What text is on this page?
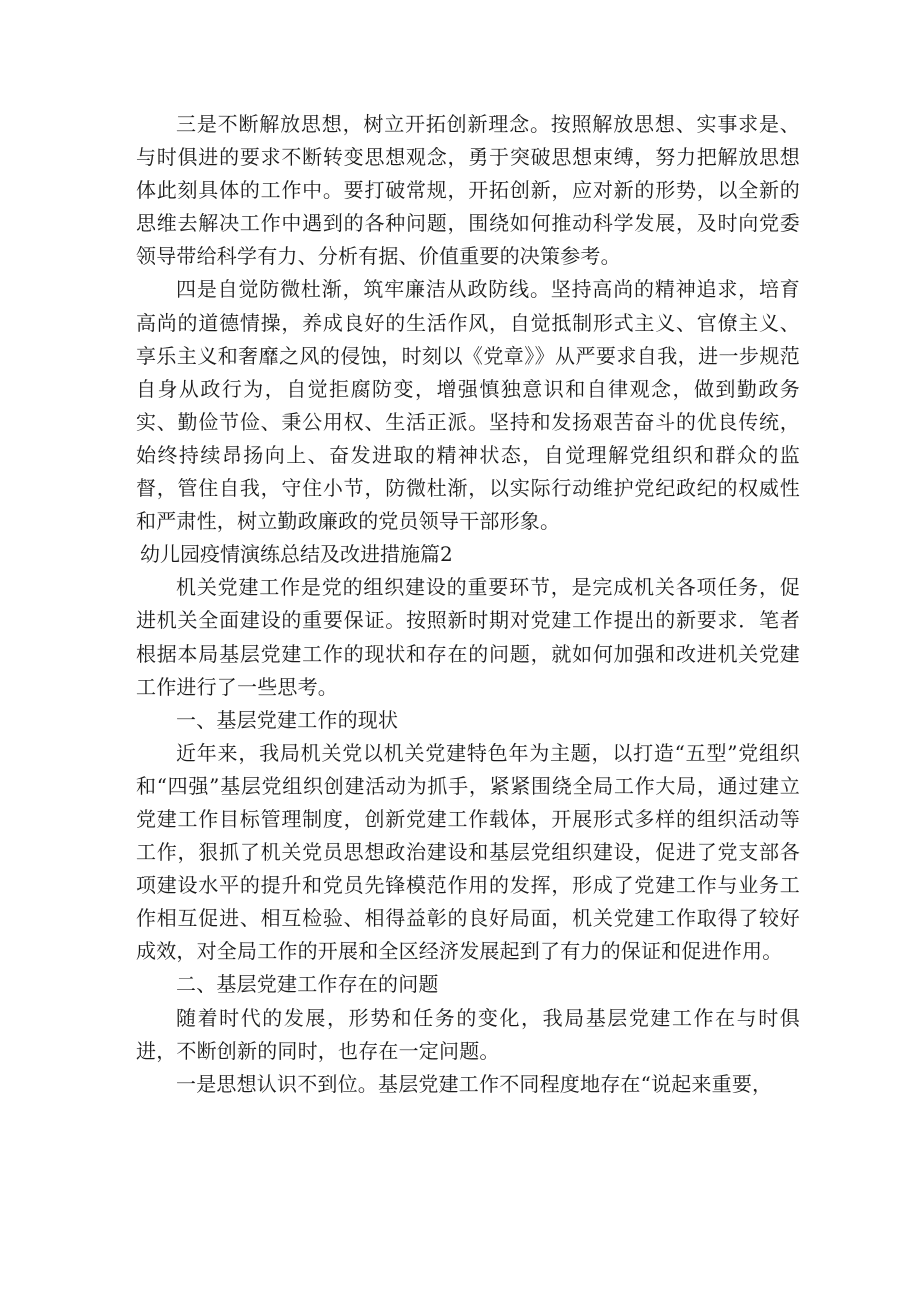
三是不断解放思想，树立开拓创新理念。按照解放思想、实事求是、与时俱进的要求不断转变思想观念，勇于突破思想束缚，努力把解放思想体此刻具体的工作中。要打破常规，开拓创新，应对新的形势，以全新的思维去解决工作中遇到的各种问题，围绕如何推动科学发展，及时向党委领导带给科学有力、分析有据、价值重要的决策参考。

四是自觉防微杜渐，筑牢廉洁从政防线。坚持高尚的精神追求，培育高尚的道德情操，养成良好的生活作风，自觉抵制形式主义、官僚主义、享乐主义和奢靡之风的侵蚀，时刻以《党章》》从严要求自我，进一步规范自身从政行为，自觉拒腐防变，增强慎独意识和自律观念，做到勤政务实、勤俭节俭、秉公用权、生活正派。坚持和发扬艰苦奋斗的优良传统，始终持续昂扬向上、奋发进取的精神状态，自觉理解党组织和群众的监督，管住自我，守住小节，防微杜渐，以实际行动维护党纪政纪的权威性和严肃性，树立勤政廉政的党员领导干部形象。

幼儿园疫情演练总结及改进措施篇2

机关党建工作是党的组织建设的重要环节，是完成机关各项任务，促进机关全面建设的重要保证。按照新时期对党建工作提出的新要求．笔者根据本局基层党建工作的现状和存在的问题，就如何加强和改进机关党建工作进行了一些思考。

一、基层党建工作的现状

近年来，我局机关党以机关党建特色年为主题，以打造“五型”党组织和“四强”基层党组织创建活动为抓手，紧紧围绕全局工作大局，通过建立党建工作目标管理制度，创新党建工作载体，开展形式多样的组织活动等工作，狠抓了机关党员思想政治建设和基层党组织建设，促进了党支部各项建设水平的提升和党员先锋模范作用的发挥，形成了党建工作与业务工作相互促进、相互检验、相得益彰的良好局面，机关党建工作取得了较好成效，对全局工作的开展和全区经济发展起到了有力的保证和促进作用。

二、基层党建工作存在的问题

随着时代的发展，形势和任务的变化，我局基层党建工作在与时俱进，不断创新的同时，也存在一定问题。

一是思想认识不到位。基层党建工作不同程度地存在“说起来重要，
